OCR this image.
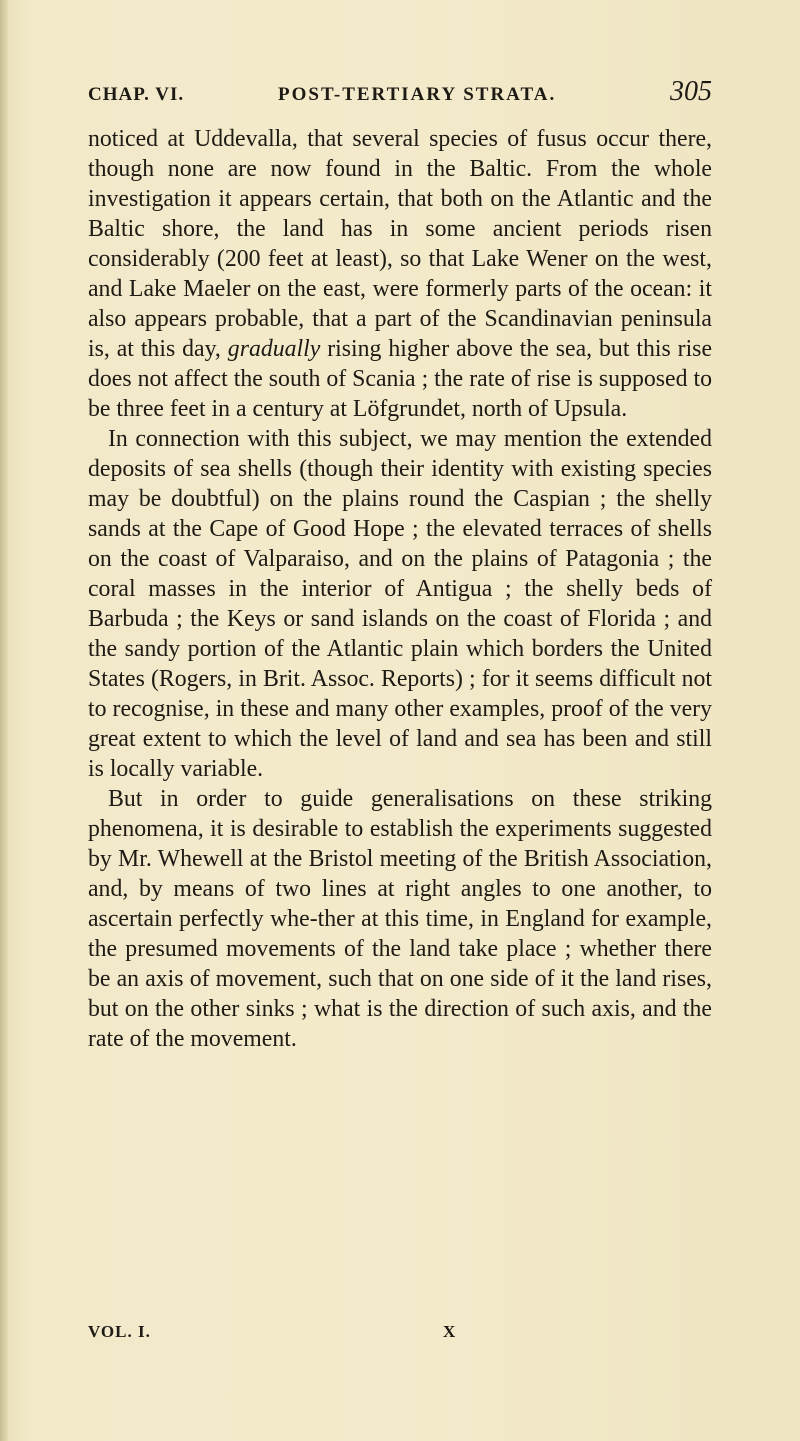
CHAP. VI.	POST-TERTIARY STRATA.	305

noticed at Uddevalla, that several species of fusus occur there, though none are now found in the Baltic. From the whole investigation it appears certain, that both on the Atlantic and the Baltic shore, the land has in some ancient periods risen considerably (200 feet at least), so that Lake Wener on the west, and Lake Maeler on the east, were formerly parts of the ocean: it also appears probable, that a part of the Scandinavian peninsula is, at this day, gradually rising higher above the sea, but this rise does not affect the south of Scania ; the rate of rise is supposed to be three feet in a century at Löfgrundet, north of Upsula.

In connection with this subject, we may mention the extended deposits of sea shells (though their identity with existing species may be doubtful) on the plains round the Caspian ; the shelly sands at the Cape of Good Hope ; the elevated terraces of shells on the coast of Valparaiso, and on the plains of Patagonia ; the coral masses in the interior of Antigua ; the shelly beds of Barbuda ; the Keys or sand islands on the coast of Florida ; and the sandy portion of the Atlantic plain which borders the United States (Rogers, in Brit. Assoc. Reports) ; for it seems difficult not to recognise, in these and many other examples, proof of the very great extent to which the level of land and sea has been and still is locally variable.

But in order to guide generalisations on these striking phenomena, it is desirable to establish the experiments suggested by Mr. Whewell at the Bristol meeting of the British Association, and, by means of two lines at right angles to one another, to ascertain perfectly whe-ther at this time, in England for example, the presumed movements of the land take place ; whether there be an axis of movement, such that on one side of it the land rises, but on the other sinks ; what is the direction of such axis, and the rate of the movement.

VOL. I.	X
